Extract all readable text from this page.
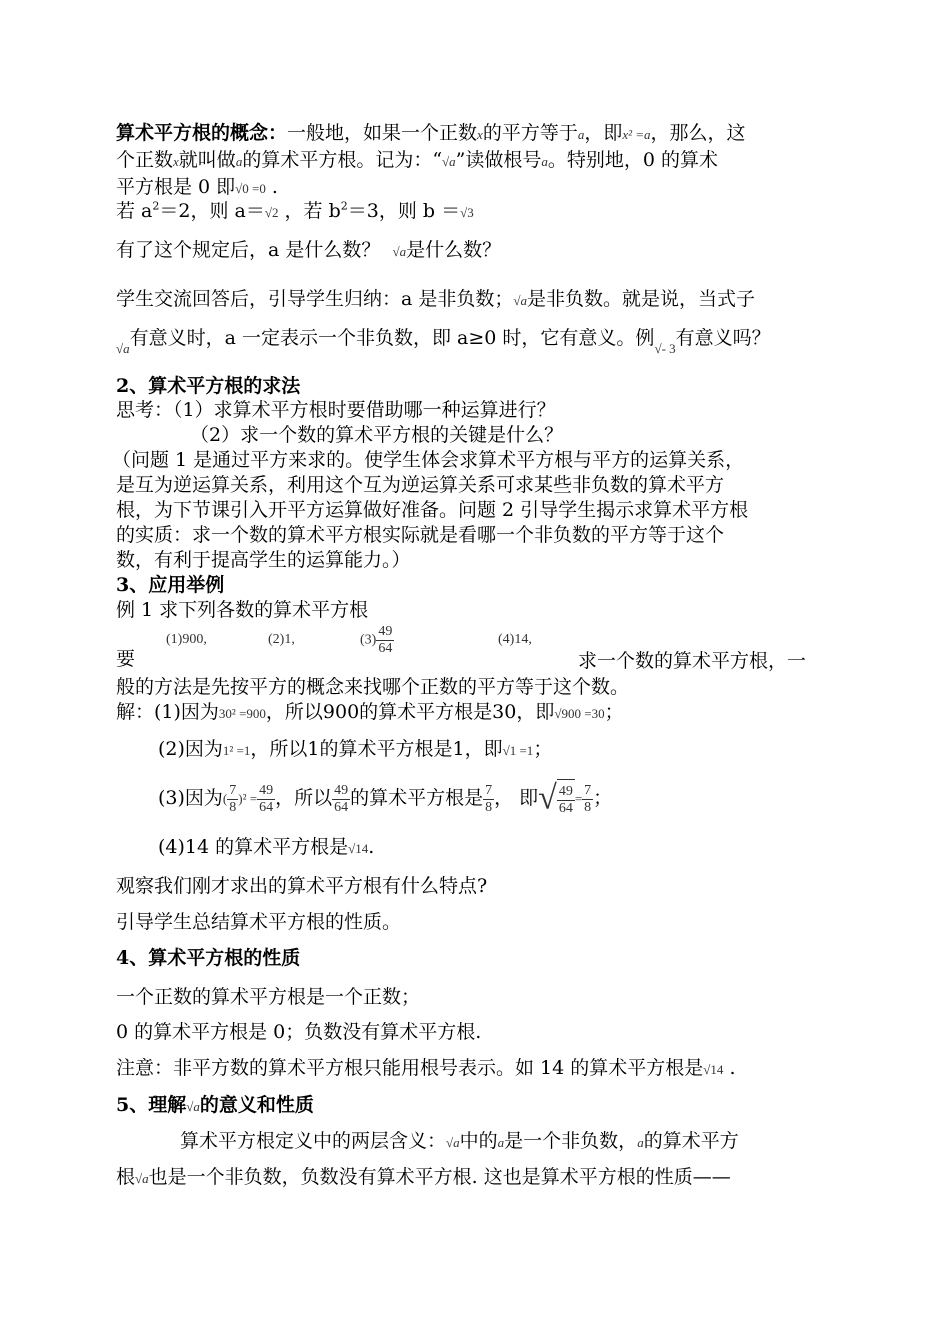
算术平方根的概念：一般地，如果一个正数x的平方等于a，即x² =a，那么，这
个正数x就叫做a的算术平方根。记为：“√a”读做根号a。特别地，0 的算术
平方根是 0 即√0 =0 .
若 $a^2=2$，则 a＝√2 ，若 $b^2=3$，则 b ＝√3
有了这个规定后，a 是什么数？ √a是什么数？
学生交流回答后，引导学生归纳：a 是非负数；√a是非负数。就是说，当式子
$_{√a}$有意义时，a 一定表示一个非负数，即 a≥0 时，它有意义。例$_{√- 3}$有意义吗？
2、算术平方根的求法
思考：（1）求算术平方根时要借助哪一种运算进行？
（2）求一个数的算术平方根的关键是什么？
（问题 1 是通过平方来求的。使学生体会求算术平方根与平方的运算关系，
是互为逆运算关系，利用这个互为逆运算关系可求某些非负数的算术平方
根，为下节课引入开平方运算做好准备。问题 2 引导学生揭示求算术平方根
的实质：求一个数的算术平方根实际就是看哪一个非负数的平方等于这个
数，有利于提高学生的运算能力。）
3、应用举例
例 1 求下列各数的算术平方根
要
(1)900,	(2)1,	$(3) \frac{49}{64}$	(4)14,
求一个数的算术平方根，一
般的方法是先按平方的概念来找哪个正数的平方等于这个数。
解：(1)因为30² =900，所以900的算术平方根是30，即√900 =30；
(2)因为1² =1，所以1的算术平方根是1，即√1 =1；
(3)因为( $\frac{7}{8} )^2 = \frac{49}{64}$ ，所以 $\frac{49}{64}$ 的算术平方根是 $\frac{7}{8}$ ， 即√ $\frac{49}{64} = \frac{7}{8}$ ；
(4)14 的算术平方根是√14.
观察我们刚才求出的算术平方根有什么特点?
引导学生总结算术平方根的性质。
4、算术平方根的性质
一个正数的算术平方根是一个正数；
0 的算术平方根是 0；负数没有算术平方根.
注意：非平方数的算术平方根只能用根号表示。如 14 的算术平方根是√14 .
5、理解√a的意义和性质
算术平方根定义中的两层含义：√a中的a是一个非负数，a的算术平方
根√a也是一个非负数，负数没有算术平方根. 这也是算术平方根的性质——
